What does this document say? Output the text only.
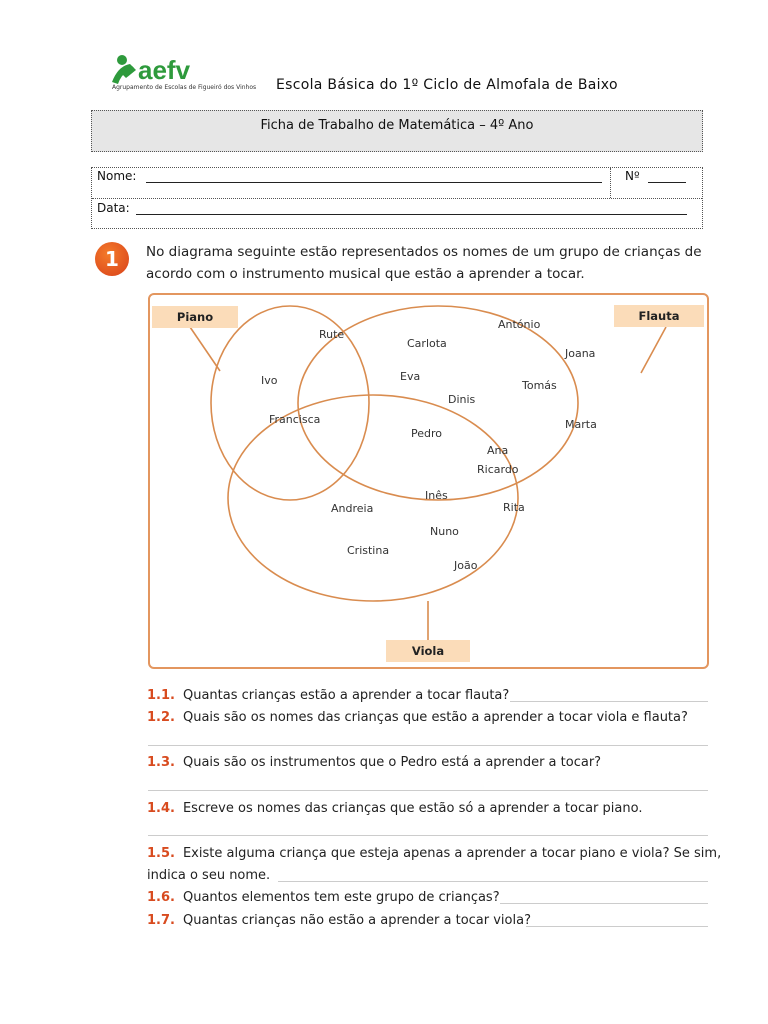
aefv
Agrupamento de Escolas de Figueiró dos Vinhos Escola Básica do 1º Ciclo de Almofala de Baixo
Ficha de Trabalho de Matemática – 4º Ano
Nome:	Nº
Data:
1	No diagrama seguinte estão representados os nomes de um grupo de crianças de
acordo com o instrumento musical que estão a aprender a tocar.
Piano	Flauta
Viola
Rute
Ivo
Francisca
Carlota
Eva
Dinis
António
Joana
Tomás
Marta
Pedro
Ana
Ricardo
Inês
Andreia	Rita
Nuno
Cristina
João
1.1. Quantas crianças estão a aprender a tocar flauta?
1.2. Quais são os nomes das crianças que estão a aprender a tocar viola e flauta?
1.3. Quais são os instrumentos que o Pedro está a aprender a tocar?
1.4. Escreve os nomes das crianças que estão só a aprender a tocar piano.
1.5. Existe alguma criança que esteja apenas a aprender a tocar piano e viola? Se sim,
indica o seu nome.
1.6. Quantos elementos tem este grupo de crianças?
1.7. Quantas crianças não estão a aprender a tocar viola?
